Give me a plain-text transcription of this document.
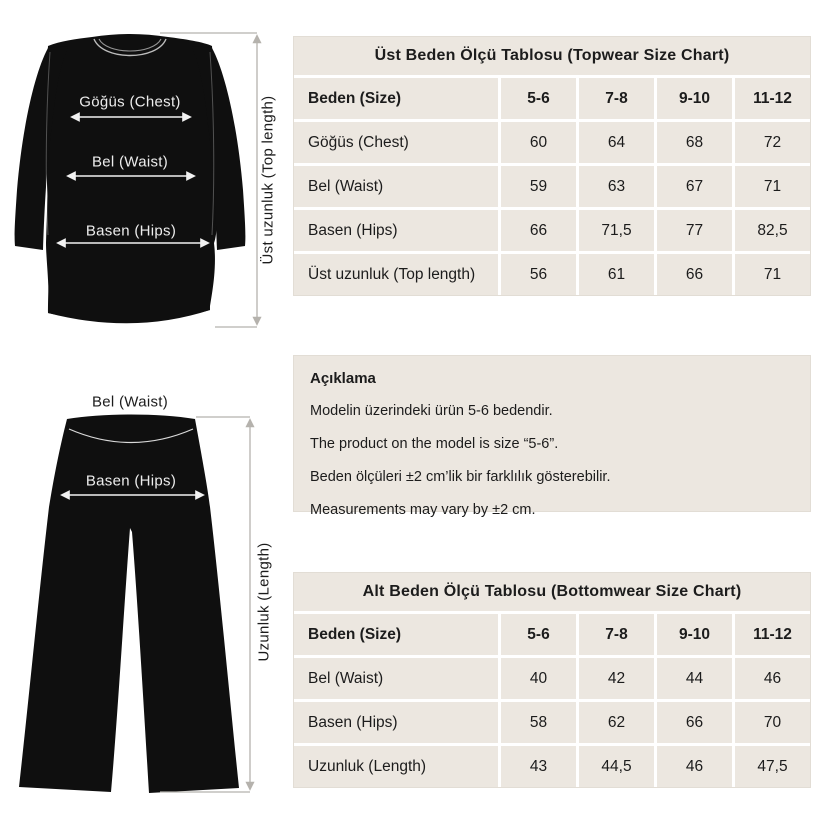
Göğüs (Chest)
Bel (Waist)
Basen (Hips)	Üst uzunluk (Top length)
Bel (Waist)
Basen (Hips)
Uzunluk (Length)
Üst Beden Ölçü Tablosu (Topwear Size Chart)
Beden (Size)	5-6	7-8	9-10	11-12
Göğüs (Chest)	60	64	68	72
Bel (Waist)	59	63	67	71
Basen (Hips)	66	71,5	77	82,5
Üst uzunluk (Top length)	56	61	66	71
Açıklama

Modelin üzerindeki ürün 5-6 bedendir.

The product on the model is size “5-6”.

Beden ölçüleri ±2 cm’lik bir farklılık gösterebilir.

Measurements may vary by ±2 cm.

Alt Beden Ölçü Tablosu (Bottomwear Size Chart)
Beden (Size)	5-6	7-8	9-10	11-12
Bel (Waist)	40	42	44	46
Basen (Hips)	58	62	66	70
Uzunluk (Length)	43	44,5	46	47,5
